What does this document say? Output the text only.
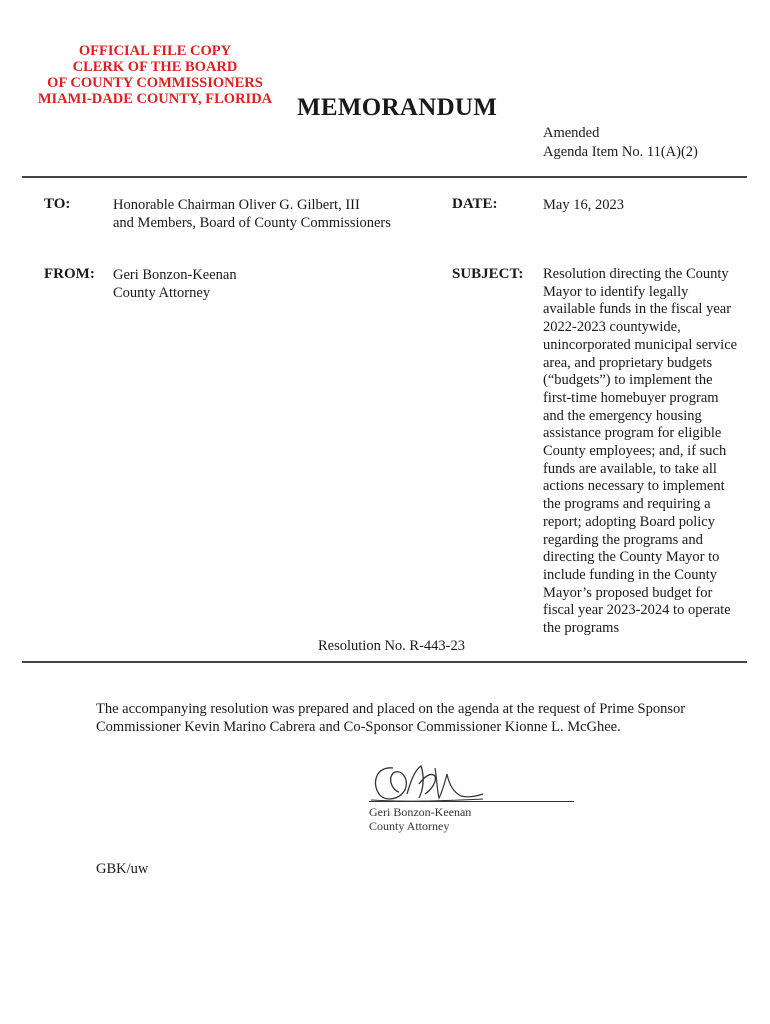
OFFICIAL FILE COPY
CLERK OF THE BOARD
OF COUNTY COMMISSIONERS
MIAMI-DADE COUNTY, FLORIDA MEMORANDUM
Amended
Agenda Item No. 11(A)(2)
TO:	Honorable Chairman Oliver G. Gilbert, III
and Members, Board of County Commissioners
DATE:	May 16, 2023
FROM: Geri Bonzon-Keenan
County Attorney
SUBJECT: Resolution directing the County
Mayor to identify legally
available funds in the fiscal year
2022-2023 countywide,
unincorporated municipal service
area, and proprietary budgets
(“budgets”) to implement the
first-time homebuyer program
and the emergency housing
assistance program for eligible
County employees; and, if such
funds are available, to take all
actions necessary to implement
the programs and requiring a
report; adopting Board policy
regarding the programs and
directing the County Mayor to
include funding in the County
Mayor’s proposed budget for
fiscal year 2023-2024 to operate
the programs
Resolution No. R-443-23
The accompanying resolution was prepared and placed on the agenda at the request of Prime Sponsor
Commissioner Kevin Marino Cabrera and Co-Sponsor Commissioner Kionne L. McGhee.
Geri Bonzon-Keenan
County Attorney
GBK/uw
